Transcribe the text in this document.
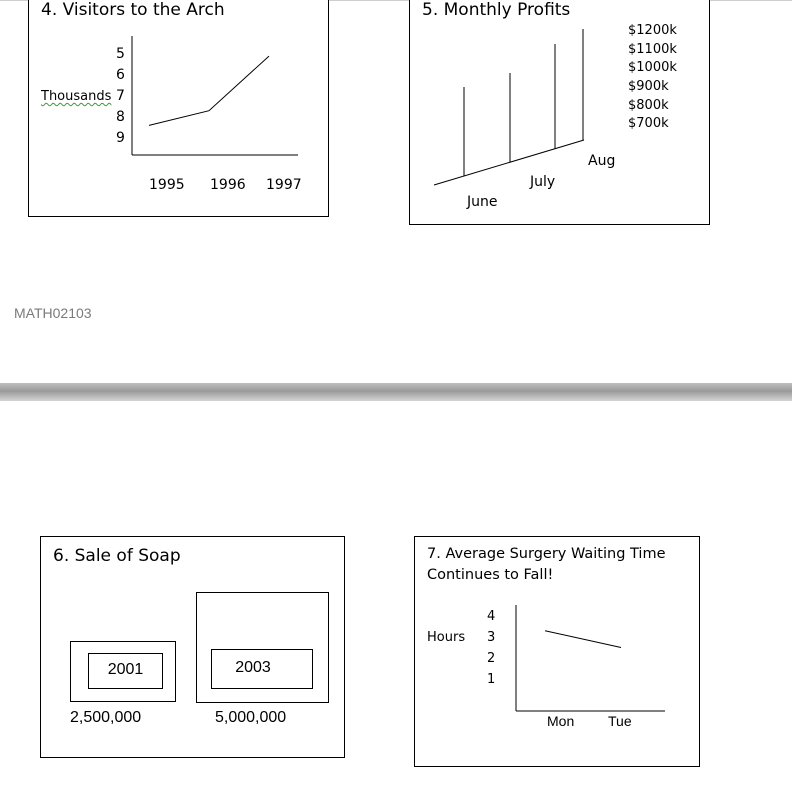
4. Visitors to the Arch
Thousands
5
6
7
8
9
1995 1996 1997
5. Monthly Profits
June
July
Aug
$1200k
$1100k
$1000k
$900k
$800k
$700k
MATH02103
6. Sale of Soap
2001	2003
2,500,000	5,000,000
7. Average Surgery Waiting Time
Continues to Fall!
Hours
4
3
2
1
Mon Tue
